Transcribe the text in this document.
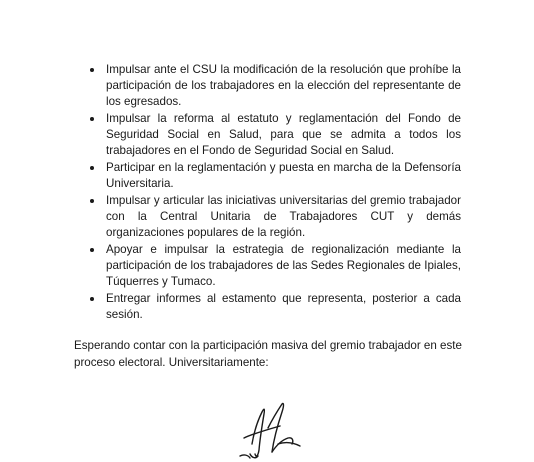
Impulsar ante el CSU la modificación de la resolución que prohíbe la participación de los trabajadores en la elección del representante de los egresados.
Impulsar la reforma al estatuto y reglamentación del Fondo de Seguridad Social en Salud, para que se admita a todos los trabajadores en el Fondo de Seguridad Social en Salud.
Participar en la reglamentación y puesta en marcha de la Defensoría Universitaria.
Impulsar y articular las iniciativas universitarias del gremio trabajador con la Central Unitaria de Trabajadores CUT y demás organizaciones populares de la región.
Apoyar e impulsar la estrategia de regionalización mediante la participación de los trabajadores de las Sedes Regionales de Ipiales, Túquerres y Tumaco.
Entregar informes al estamento que representa, posterior a cada sesión.

Esperando contar con la participación masiva del gremio trabajador en este proceso electoral. Universitariamente:
